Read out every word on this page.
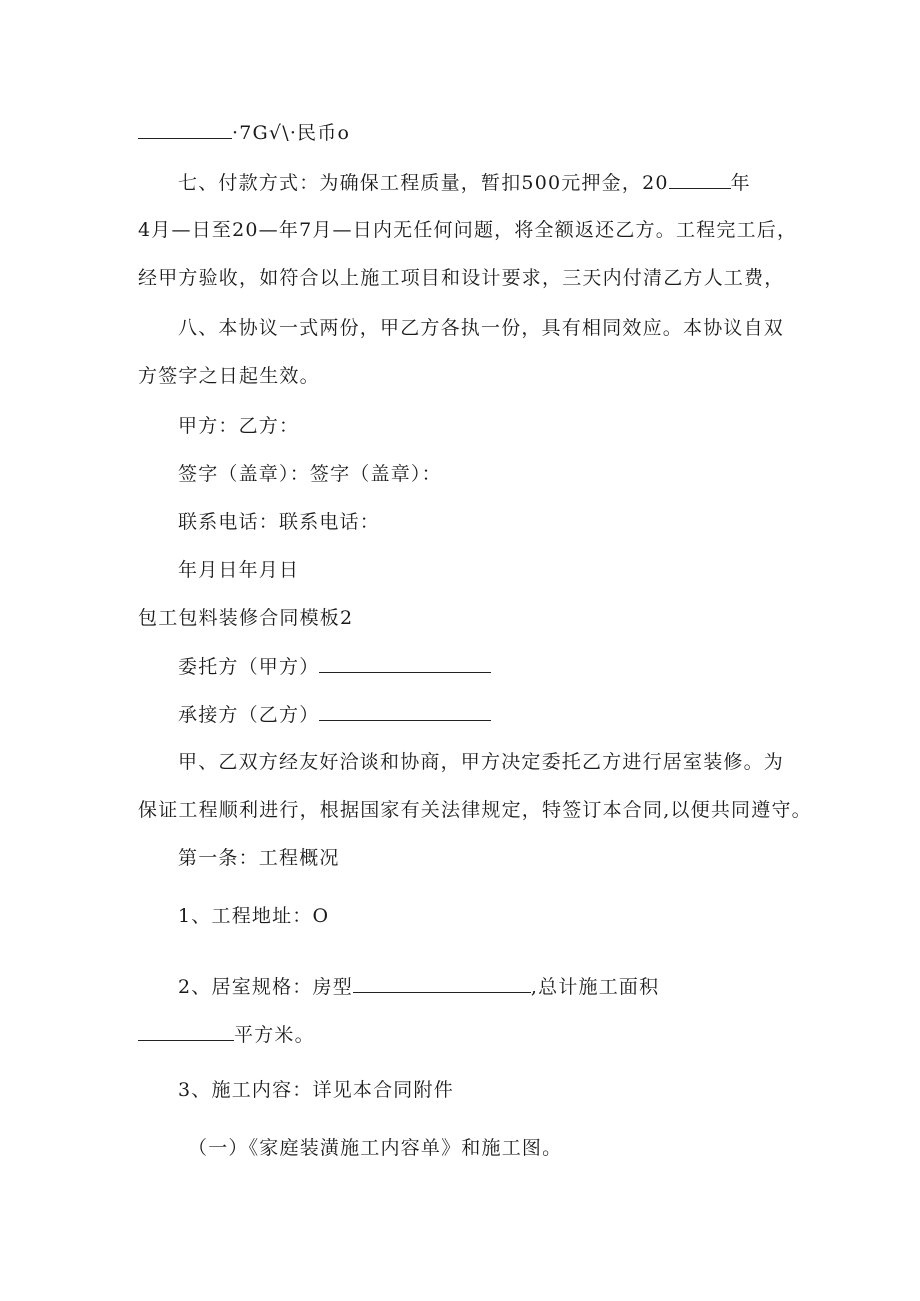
·7G√\·民币o
七、付款方式：为确保工程质量，暂扣500元押金，20	年
4月—日至20—年7月—日内无任何问题，将全额返还乙方。工程完工后，
经甲方验收，如符合以上施工项目和设计要求，三天内付清乙方人工费，
八、本协议一式两份，甲乙方各执一份，具有相同效应。本协议自双
方签字之日起生效。
甲方：乙方：
签字（盖章）：签字（盖章）：
联系电话：联系电话：
年月日年月日
包工包料装修合同模板2
委托方（甲方）
承接方（乙方）
甲、乙双方经友好洽谈和协商，甲方决定委托乙方进行居室装修。为
保证工程顺利进行，根据国家有关法律规定，特签订本合同,以便共同遵守。
第一条：工程概况
1、工程地址：O
2、居室规格：房型	,总计施工面积
平方米。
3、施工内容：详见本合同附件
（一）《家庭装潢施工内容单》和施工图。
